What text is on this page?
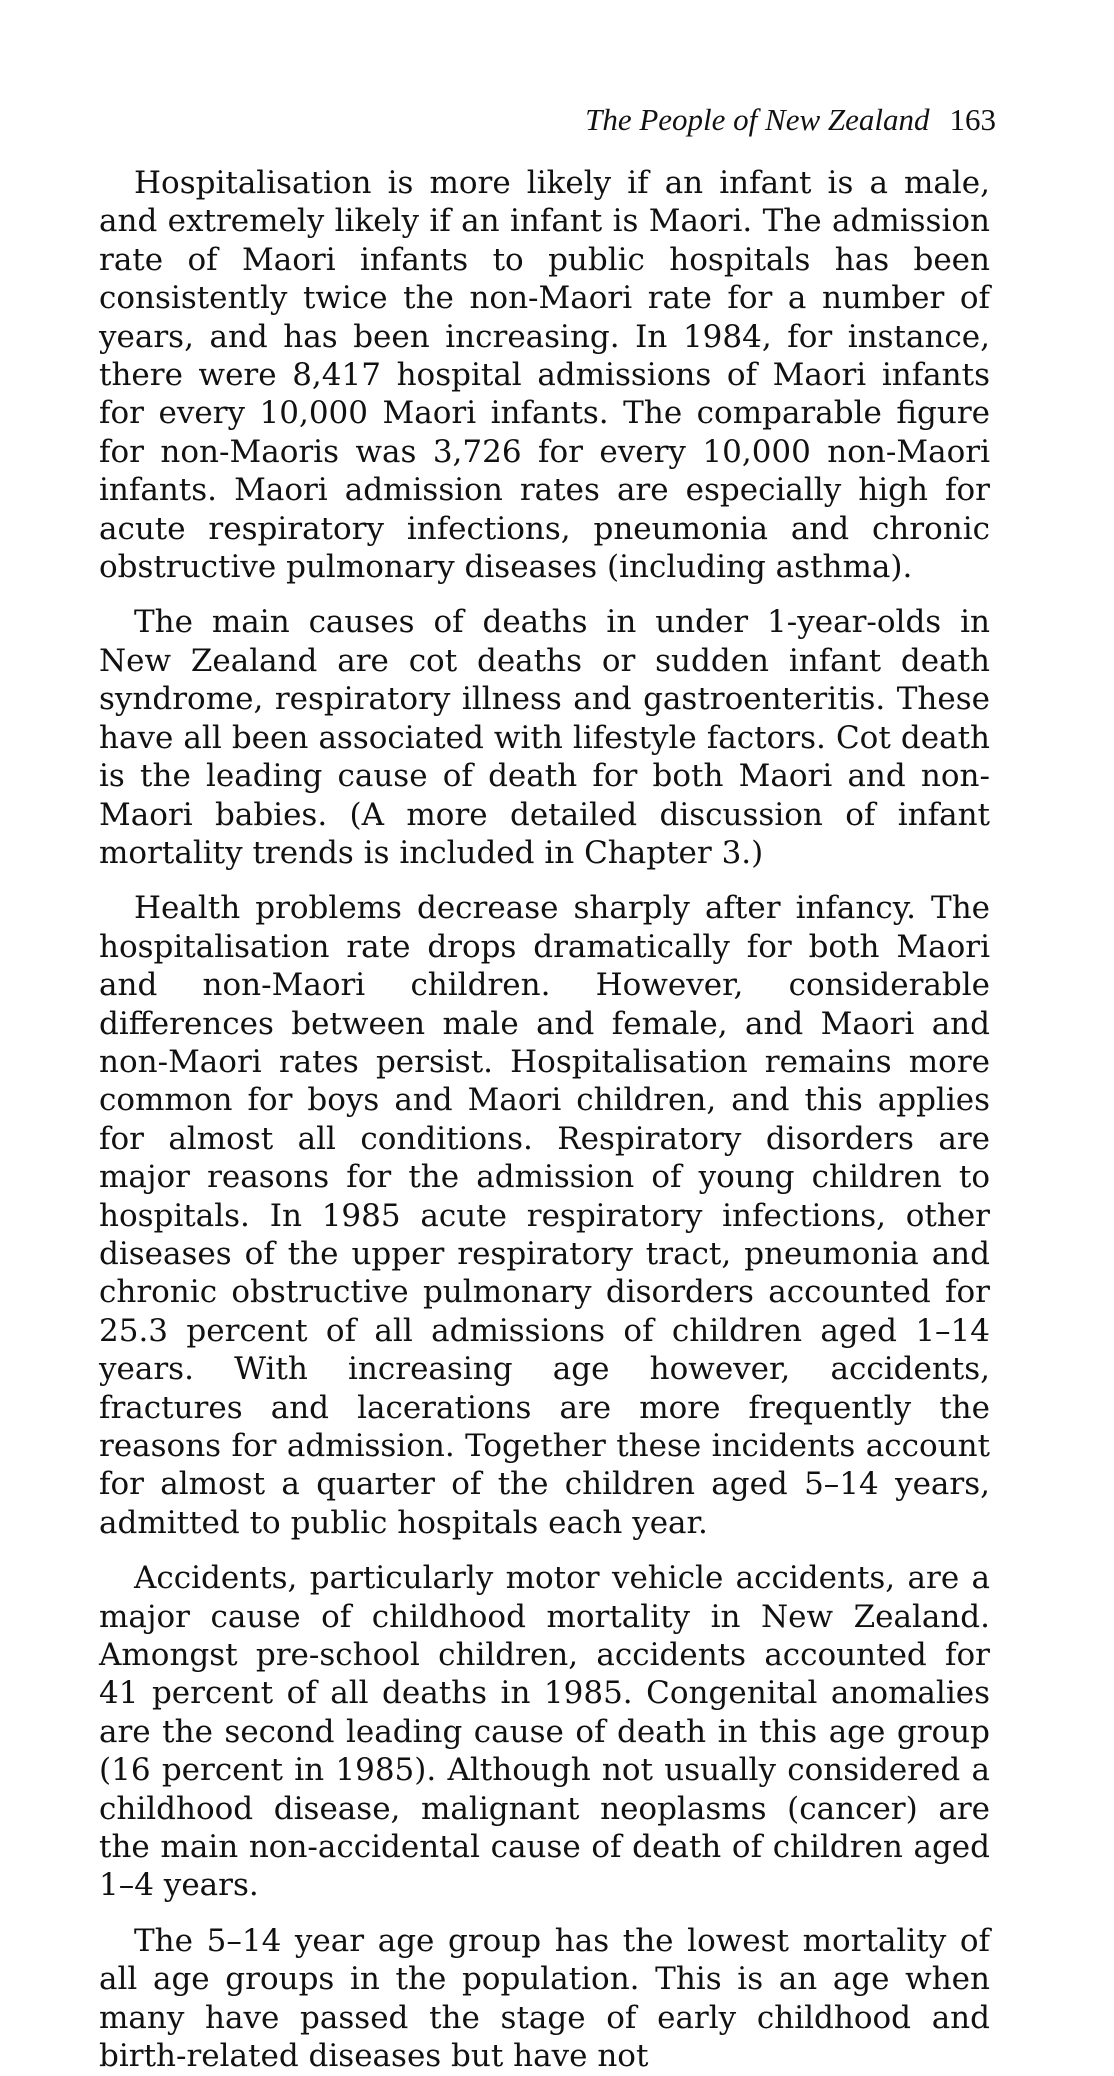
The People of New Zealand 163

Hospitalisation is more likely if an infant is a male, and extremely likely if an infant is Maori. The admission rate of Maori infants to public hospitals has been consistently twice the non-Maori rate for a number of years, and has been increasing. In 1984, for instance, there were 8,417 hospital admissions of Maori infants for every 10,000 Maori infants. The comparable figure for non-Maoris was 3,726 for every 10,000 non-Maori infants. Maori admission rates are especially high for acute respiratory infections, pneumonia and chronic obstructive pulmonary diseases (including asthma).

The main causes of deaths in under 1-year-olds in New Zealand are cot deaths or sudden infant death syndrome, respiratory illness and gastroenteritis. These have all been associated with lifestyle factors. Cot death is the leading cause of death for both Maori and non-Maori babies. (A more detailed discussion of infant mortality trends is included in Chapter 3.)

Health problems decrease sharply after infancy. The hospitalisation rate drops dramatically for both Maori and non-Maori children. However, considerable differences between male and female, and Maori and non-Maori rates persist. Hospitalisation remains more common for boys and Maori children, and this applies for almost all conditions. Respiratory disorders are major reasons for the admission of young children to hospitals. In 1985 acute respiratory infections, other diseases of the upper respiratory tract, pneumonia and chronic obstructive pulmonary disorders accounted for 25.3 percent of all admissions of children aged 1–14 years. With increasing age however, accidents, fractures and lacerations are more frequently the reasons for admission. Together these incidents account for almost a quarter of the children aged 5–14 years, admitted to public hospitals each year.

Accidents, particularly motor vehicle accidents, are a major cause of childhood mortality in New Zealand. Amongst pre-school children, accidents accounted for 41 percent of all deaths in 1985. Congenital anomalies are the second leading cause of death in this age group (16 percent in 1985). Although not usually considered a childhood disease, malignant neoplasms (cancer) are the main non-accidental cause of death of children aged 1–4 years.

The 5–14 year age group has the lowest mortality of all age groups in the population. This is an age when many have passed the stage of early childhood and birth-related diseases but have not
